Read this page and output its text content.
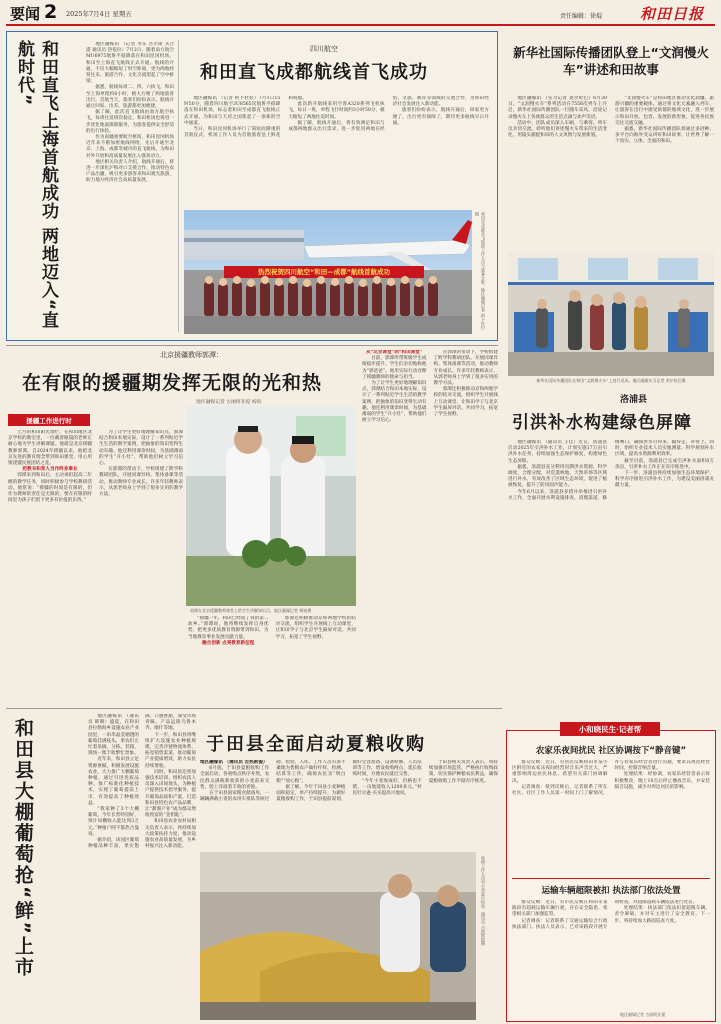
要闻 2 2025年7月4日 星期五	责任编辑：徐琨	和田日报
和田直飞上海首航成功 两地迈入“直航时代”	地区融媒讯 （记者 李东 吾尔斯 买合提 通讯员 热依拉）7月2日，随着南方航空MU6975航班平稳降落在和田昆冈机场，和田至上海直飞航线正式开通。航线的开通，不仅大幅缩短了时空距离，更为两地经贸往来、旅游合作、文化交流架起了空中桥梁。

据悉，航线每周二、四、六执飞，和田至上海单程约6小时，极大方便了两地旅客出行。首航当天，旅客们纷纷表示，航线开通让回家、出差、旅游都更加便捷。

据了解，此次直飞航线由南方航空执飞，每周往返班次稳定，和田机场也将进一步优化地面保障服务，为旅客提供安全舒适的出行体验。

作为南疆重要航空枢纽，和田昆冈机场近年来不断加密航线网络，先后开通至北京、上海、成都等城市的直飞航线，为和田对外开放和高质量发展注入强劲动力。

地区相关负责人介绍，航线开通后，将进一步深化沪和对口支援合作，推动特色农产品出疆，吸引更多游客来和田观光旅游，助力地方经济社会高质量发展。

四川航空
和田直飞成都航线首飞成功

地区融媒讯 （记者 阿卜杜拉）7月1日15时50分，随着四川航空3U8565次航班平稳降落在和田机场，标志着和田至成都直飞航线正式开通，为和田与天府之国架起了一条新的空中通道。

当日，和田昆冈机场举行了简短而隆重的首航仪式，机场工作人员为首航旅客送上鲜花和祝福。

此次新开航线采用空客A320系列飞机执飞，每日一班，单程飞行时间约3小时50分，极大缩短了两地往返时间。

据了解，航线开通后，将有效满足和田与成都两地群众出行需求，进一步促进两地在经贸、文旅、教育等领域的交流合作，为和田经济社会发展注入新动能。

旅客们纷纷表示，航线开通后，回家更方便了，出行更有保障了，期待更多航线早日开通。

热烈祝贺四川航空“和田—成都”航线首航成功	和田至成都首飞航班工作人员与旅客合影。地区融媒记者 阿卜杜拉摄
新华社国际传播团队登上“文润慢火车”讲述和田故事

地区融媒讯 （实习记者 麦尔哈巴）6月30日，“文润慢火车”系列活动在7558次列车上开启，新华社国际传播团队一行随车采风，沿途记录慢火车上各族群众的生活点滴与欢声笑语。

活动中，团队成员深入车厢，与乘客、列车员亲切交流，聆听他们讲述慢火车带来的生活变化，用镜头捕捉和田的人文风情与发展新貌。

“文润慢火车”是和田地区推动文化润疆、旅游兴疆的重要载体。通过将文化元素融入列车，让旅客在出行中感受浓郁的地域文化，进一步展示和田开放、包容、发展的新形象，促进各民族交往交流交融。

据悉，新华社国际传播团队将通过多语种、多平台向海外受众讲好和田故事，让世界了解一个真实、立体、全面的和田。

新华社国际传播团队在和田“文润慢火车”上进行采风。地区融媒实习记者 麦尔哈巴摄
北京援疆教师郭潭：
在有限的援疆期发挥无限的光和热
地区融媒记者 古丽阿亚提 杨锐
援疆工作进行时

七月的和田阳光灿烂，在和田地区北京学校的教室里，一位戴着眼镜的老师正耐心地为学生讲解课题。他就是北京援疆教师郭潭。自2024年援疆以来，他把北京先进的教育理念带到和田课堂，用心用情浇灌民族团结之花。

把教书和育人当作终身事业

郭潭来到和田后，主动承担起高二年级的教学任务，同时积极参与学校教研活动。他常说：“援疆的时间是有限的，但作为教师的责任是无限的，要在有限的时间里为孩子们留下更多有价值的东西。”

为了让学生更好地理解知识点，郭潭结合和田本地实际，设计了一系列贴近学生生活的教学案例，把抽象的知识变得生动有趣。他还利用课余时间，为基础薄弱的学生“开小灶”，帮助他们树立学习信心。

在郭潭的带动下，学校组建了跨学科教研团队，开展同课异构、集体备课等活动，推动教师专业成长。许多年轻教师表示，从郭老师身上学到了很多实用的教学方法。

郭潭在北京援疆教师课堂上给学生讲解知识点。地区融媒记者 杨锐摄

“援疆一年，和田已经成了我的第二故乡。”郭潭说，他将继续发挥自身优势，把更多优质教育资源带到和田，为当地教育事业发展贡献力量。

融合创新 点亮教育新征程

郭潭还积极推动京和两地学校的结对交流，组织学生开展线上互动课堂，让和田学子与北京学生隔屏对话、共同学习，拓宽了学生视野。

从“北京课堂”到“和田课堂”

目前，郭潭所带班级学生成绩稳步提升，学生们亲切地称他为“郭爸爸”。他用实际行动诠释了援疆教师的使命与担当。

为了让学生更好地理解知识点，郭潭结合和田本地实际，设计了一系列贴近学生生活的教学案例，把抽象的知识变得生动有趣。他还利用课余时间，为基础薄弱的学生“开小灶”，帮助他们树立学习信心。

在郭潭的带动下，学校组建了跨学科教研团队，开展同课异构、集体备课等活动，推动教师专业成长。许多年轻教师表示，从郭老师身上学到了很多实用的教学方法。

郭潭还积极推动京和两地学校的结对交流，组织学生开展线上互动课堂，让和田学子与北京学生隔屏对话、共同学习，拓宽了学生视野。

洛浦县
引洪补水构建绿色屏障

地区融媒讯 （通讯员 王佳）近日，洛浦县启动2025年引洪补水工作，计划实施17万亩引洪补水任务，持续加强生态保护修复，构建绿色生态屏障。

据悉，洛浦县充分利用汛期洪水资源，科学调度，合理分配，对荒漠林地、天然草场等区域进行补水，有效改善了区域生态环境，促进了植被恢复，提升了防风固沙能力。

今年6月以来，洛浦县多措并举推进引洪补水工作，全面开展水利设施排查，清理渠道、修缮闸口，确保洪水引得来、输得走、补得上。同时，组织专业技术人员实地测量、科学规划补水区域，提高水资源利用效率。

截至目前，洛浦县已完成引洪补水面积8万余亩，引洪补水工作正在有序推进中。

下一步，洛浦县将持续加强生态环境保护，科学有序推进引洪补水工作，为建设美丽洛浦贡献力量。

地区融媒讯 （通讯员 韩朝）盛夏，在和田县拉勒海乡设施农业产业园里，一串串晶莹剔透的葡萄挂满枝头，果农们正忙着采摘、分拣、装箱，现场一派丰收繁忙景象。

近年来，和田县立足资源禀赋，积极发展设施农业，大力推广大棚葡萄种植，通过引进优质品种、推广标准化种植技术，实现了葡萄提前上市，有效提高了种植效益。

“我家种了3个大棚葡萄，今年长势特别好，预计每棚收入能达到3万元。”种植户阿不都热合曼说。

据介绍，该园区葡萄种植品种丰富，果实饱满、口感香甜，深受市场青睐，产品远销乌鲁木齐、喀什等地。

下一步，和田县将继续扩大设施农业种植规模，完善冷链物流体系，拓宽销售渠道，推动葡萄产业提质增效，助力农民持续增收。

同时，和田县还将加强技术培训，组织农技人员深入田间地头，为种植户提供技术指导服务，提升葡萄品质和产量，打造和田县特色农产品品牌，让“甜蜜产业”成为群众增收致富的“金钥匙”。

和田县农业农村局相关负责人表示，将持续加大政策扶持力度，推动设施农业高质量发展，为乡村振兴注入新动能。

和田县大棚葡萄抢“鲜”上市	于田县全面启动夏粮收购

地区融媒讯 （通讯员 吉热斯提）

6月底，于田县夏粮收购工作全面启动，各收购点秩序井然，农民群众满载新收获的小麦前来交售，脸上洋溢着丰收的喜悦。

在于田县国家粮食储备库，一辆辆满载小麦的农用车排队等候过磅、检验、入库。工作人员有条不紊地为售粮农户做好扦样、检测、结算等工作，确保农民卖“明白粮”“放心粮”。

据了解，今年于田县小麦种植面积稳定，单产持续提升。为做好夏粮收购工作，于田县提前谋划，做好仓容准备、设备检修、人员培训等工作，增设收购网点，延长收购时间，方便农民就近交售。

“今年小麦收成好，价格也不错，一亩地能收入1200多元。”村民吐尔逊·买买提高兴地说。

于田县相关负责人表示，将持续加强市场监管，严格执行收购政策，切实保护种粮农民利益，确保夏粮收购工作平稳有序推进。

收购工作人员对小麦进行检验。通讯员 吉热斯提摄
小和晓民生·记者帮
农家乐夜间扰民 社区协调按下“静音键”

群众反映：近日，有居民反映和田市某小区附近的农家乐夜间经营时音乐声音过大，严重影响周边居民休息，希望有关部门协调解决。

记者调查：接到反映后，记者联系了所在社区。社区工作人员第一时间上门了解情况，并与农家乐经营者进行沟通，要求其规范经营时间，控制音响音量。

处理结果：经协调，农家乐经营者表示将积极整改，晚上10点后停止播放音乐，并安装隔音设施，减少对周边居民的影响。

运输车辆超限被扣 执法部门依法处置

群众反映：近日，有市民反映在和田市某路段有超载运输车辆行驶，存在安全隐患，希望相关部门加强监管。

记者调查：记者联系了交通运输综合行政执法部门。执法人员表示，已对该路段开展专项检查，对超限超载车辆依法进行处罚。

处理结果：执法部门依法扣留超限车辆，责令卸载，并对车主进行了安全教育。下一步，将持续加大路面巡查力度。

地区融媒记者 古丽阿亚提
